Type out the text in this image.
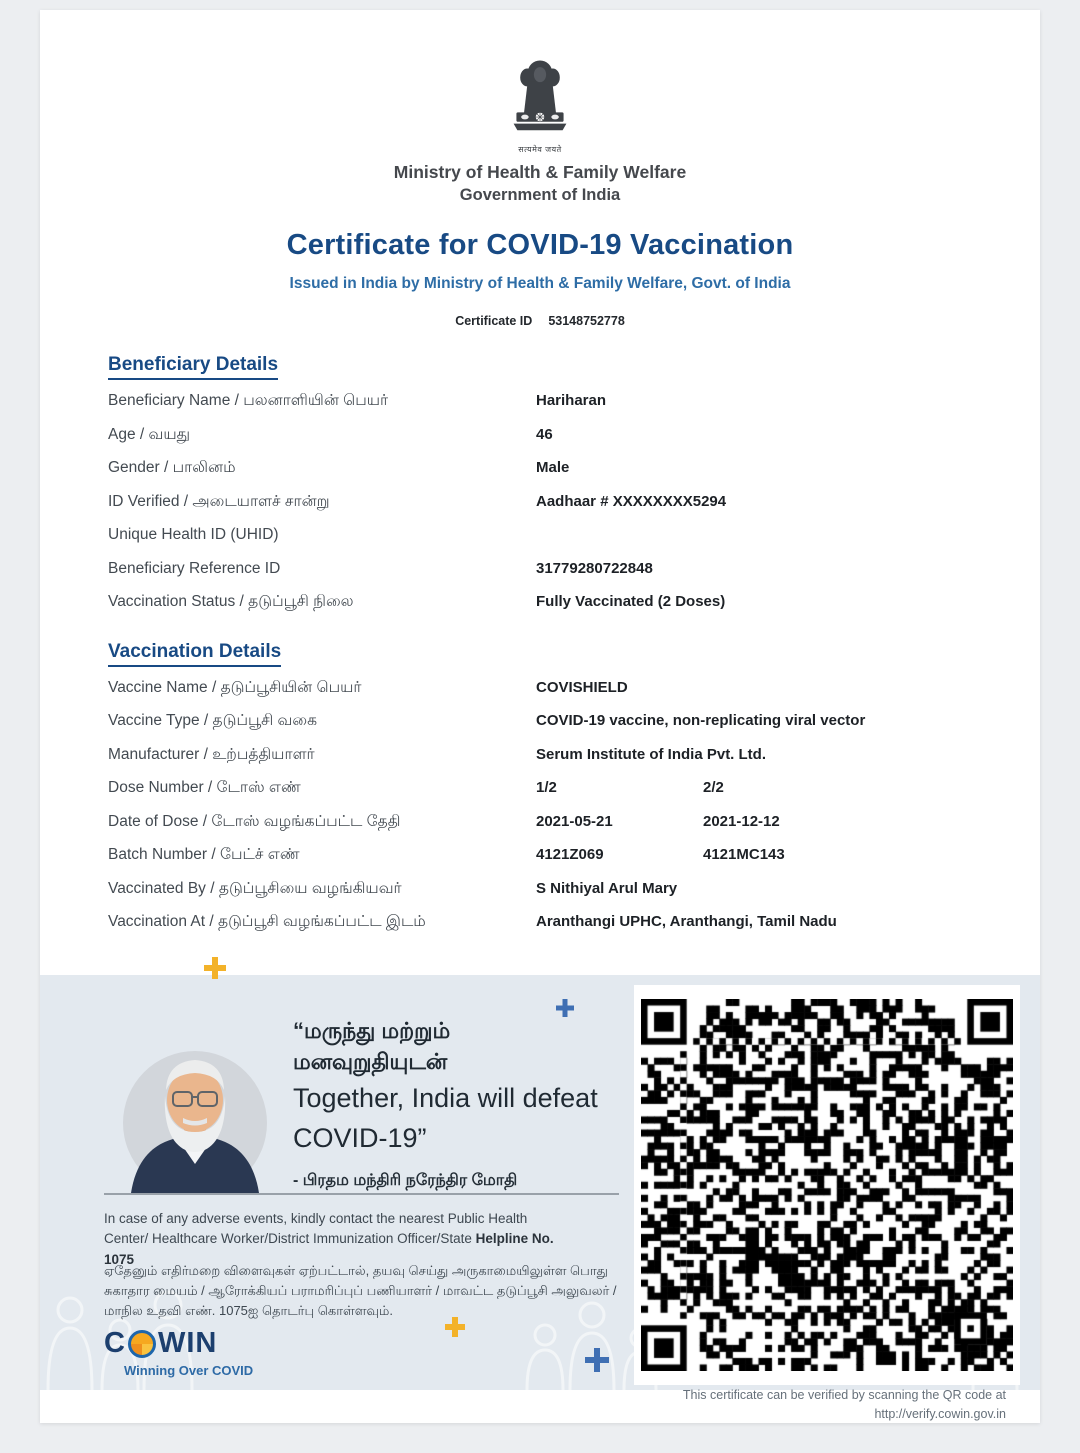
सत्यमेव जयते
Ministry of Health & Family Welfare
Government of India
Certificate for COVID-19 Vaccination
Issued in India by Ministry of Health & Family Welfare, Govt. of India
Certificate ID 53148752778
Beneficiary Details
Beneficiary Name / பலனாளியின் பெயர்	Hariharan
Age / வயது	46
Gender / பாலினம்	Male
ID Verified / அடையாளச் சான்று	Aadhaar # XXXXXXXX5294
Unique Health ID (UHID)
Beneficiary Reference ID	31779280722848
Vaccination Status / தடுப்பூசி நிலை	Fully Vaccinated (2 Doses)
Vaccination Details
Vaccine Name / தடுப்பூசியின் பெயர்	COVISHIELD
Vaccine Type / தடுப்பூசி வகை	COVID-19 vaccine, non-replicating viral vector
Manufacturer / உற்பத்தியாளர்	Serum Institute of India Pvt. Ltd.
Dose Number / டோஸ் எண்	1/2	2/2
Date of Dose / டோஸ் வழங்கப்பட்ட தேதி	2021-05-21	2021-12-12
Batch Number / பேட்ச் எண்	4121Z069	4121MC143
Vaccinated By / தடுப்பூசியை வழங்கியவர்	S Nithiyal Arul Mary
Vaccination At / தடுப்பூசி வழங்கப்பட்ட இடம்	Aranthangi UPHC, Aranthangi, Tamil Nadu
“மருந்து மற்றும்
மனவுறுதியுடன்
Together, India will defeat
COVID-19”
- பிரதம மந்திரி நரேந்திர மோதி
In case of any adverse events, kindly contact the nearest Public Health Center/ Healthcare Worker/District Immunization Officer/State Helpline No. 1075
ஏதேனும் எதிர்மறை விளைவுகள் ஏற்பட்டால், தயவு செய்து அருகாமையிலுள்ள பொது சுகாதார மையம் / ஆரோக்கியப் பராமரிப்புப் பணியாளர் / மாவட்ட தடுப்பூசி அலுவலர் / மாநில உதவி எண். 1075ஐ தொடர்பு கொள்ளவும்.
C WIN
Winning Over COVID
This certificate can be verified by scanning the QR code at
http://verify.cowin.gov.in
